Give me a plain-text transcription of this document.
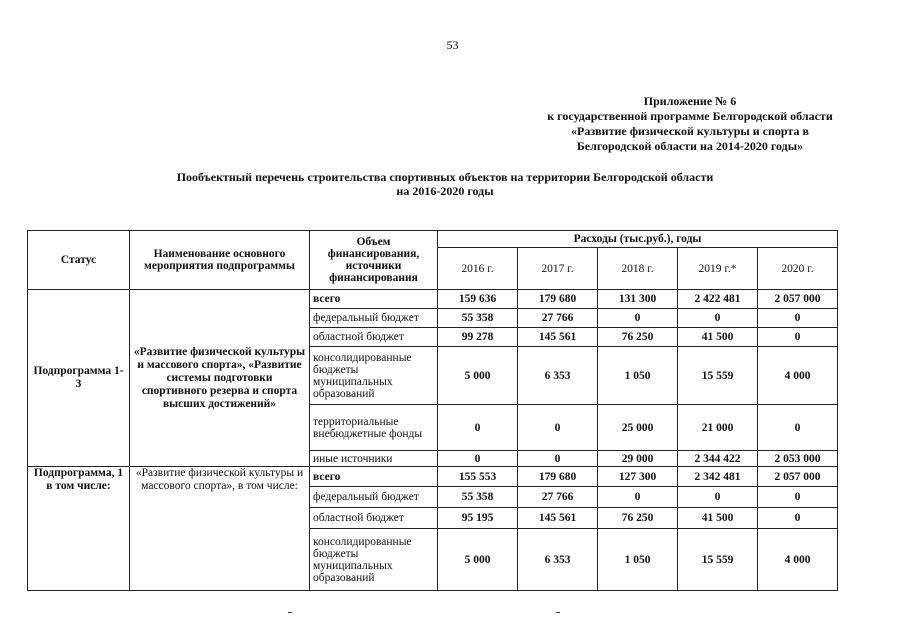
53
Приложение № 6
к государственной программе Белгородской области
«Развитие физической культуры и спорта в
Белгородской области на 2014-2020 годы»
Пообъектный перечень строительства спортивных объектов на территории Белгородской области
на 2016-2020 годы
Статус	Наименование основного мероприятия подпрограммы	Объем финансирования, источники финансирования	Расходы (тыс.руб.), годы				
			2016 г.	2017 г.	2018 г.	2019 г.*	2020 г.
Подпрограмма 1-3	«Развитие физической культуры и массового спорта», «Развитие системы подготовки спортивного резерва и спорта высших достижений»	всего	159 636	179 680	131 300	2 422 481	2 057 000
		федеральный бюджет	55 358	27 766	0	0	0
		областной бюджет	99 278	145 561	76 250	41 500	0
		консолидированные бюджеты муниципальных образований	5 000	6 353	1 050	15 559	4 000
		территориальные внебюджетные фонды	0	0	25 000	21 000	0
		иные источники	0	0	29 000	2 344 422	2 053 000
Подпрограмма, 1 в том числе:	«Развитие физической культуры и массового спорта», в том числе:	всего	155 553	179 680	127 300	2 342 481	2 057 000
		федеральный бюджет	55 358	27 766	0	0	0
		областной бюджет	95 195	145 561	76 250	41 500	0
		консолидированные бюджеты муниципальных образований	5 000	6 353	1 050	15 559	4 000
